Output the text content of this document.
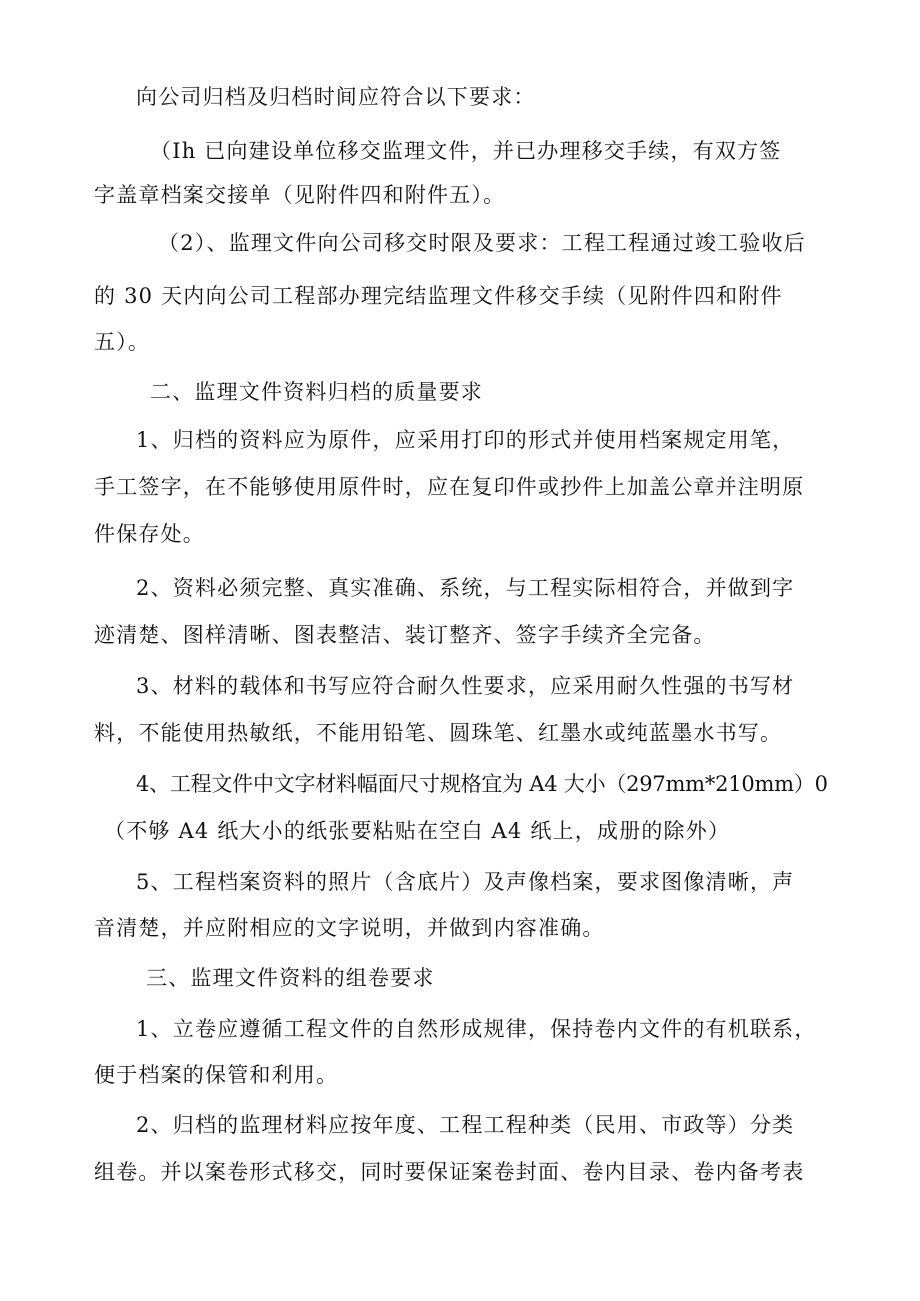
向公司归档及归档时间应符合以下要求：

（Ih 已向建设单位移交监理文件，并已办理移交手续，有双方签

字盖章档案交接单（见附件四和附件五）。

（2）、监理文件向公司移交时限及要求：工程工程通过竣工验收后

的 30 天内向公司工程部办理完结监理文件移交手续（见附件四和附件

五）。

二、监理文件资料归档的质量要求

1、归档的资料应为原件，应采用打印的形式并使用档案规定用笔，

手工签字，在不能够使用原件时，应在复印件或抄件上加盖公章并注明原

件保存处。

2、资料必须完整、真实准确、系统，与工程实际相符合，并做到字

迹清楚、图样清晰、图表整洁、装订整齐、签字手续齐全完备。

3、材料的载体和书写应符合耐久性要求，应采用耐久性强的书写材

料，不能使用热敏纸，不能用铅笔、圆珠笔、红墨水或纯蓝墨水书写。

4、工程文件中文字材料幅面尺寸规格宜为 A4 大小（297mm*210mm）0

（不够 A4 纸大小的纸张要粘贴在空白 A4 纸上，成册的除外）

5、工程档案资料的照片（含底片）及声像档案，要求图像清晰，声

音清楚，并应附相应的文字说明，并做到内容准确。

三、监理文件资料的组卷要求

1、立卷应遵循工程文件的自然形成规律，保持卷内文件的有机联系，

便于档案的保管和利用。

2、归档的监理材料应按年度、工程工程种类（民用、市政等）分类

组卷。并以案卷形式移交，同时要保证案卷封面、卷内目录、卷内备考表
